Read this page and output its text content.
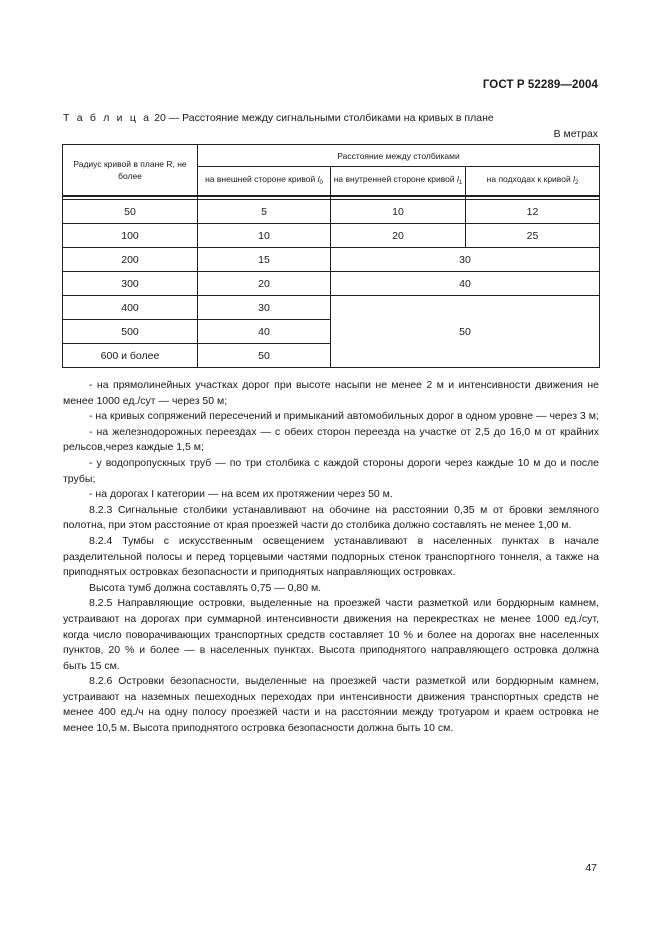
ГОСТ Р 52289—2004
Т а б л и ц а 20 — Расстояние между сигнальными столбиками на кривых в плане
В метрах
Радиус кривой в плане R, не более	Расстояние между столбиками		
	на внешней стороне кривой $l_0$	на внутренней стороне кривой $l_1$	на подходах к кривой $l_2$

50	5	10	12
100	10	20	25
200	15	30	
300	20	40	
400	30	50	
500	40		
600 и более	50		

- на прямолинейных участках дорог при высоте насыпи не менее 2 м и интенсивности движения не менее 1000 ед./сут — через 50 м;

- на кривых сопряжений пересечений и примыканий автомобильных дорог в одном уровне — через 3 м;

- на железнодорожных переездах — с обеих сторон переезда на участке от 2,5 до 16,0 м от крайних рельсов,через каждые 1,5 м;

- у водопропускных труб — по три столбика с каждой стороны дороги через каждые 10 м до и после трубы;

- на дорогах I категории — на всем их протяжении через 50 м.

8.2.3 Сигнальные столбики устанавливают на обочине на расстоянии 0,35 м от бровки земляного полотна, при этом расстояние от края проезжей части до столбика должно составлять не менее 1,00 м.

8.2.4 Тумбы с искусственным освещением устанавливают в населенных пунктах в начале разделительной полосы и перед торцевыми частями подпорных стенок транспортного тоннеля, а также на приподнятых островках безопасности и приподнятых направляющих островках.

Высота тумб должна составлять 0,75 — 0,80 м.

8.2.5 Направляющие островки, выделенные на проезжей части разметкой или бордюрным камнем, устраивают на дорогах при суммарной интенсивности движения на перекрестках не менее 1000 ед./сут, когда число поворачивающих транспортных средств составляет 10 % и более на дорогах вне населенных пунктов, 20 % и более — в населенных пунктах. Высота приподнятого направляющего островка должна быть 15 см.

8.2.6 Островки безопасности, выделенные на проезжей части разметкой или бордюрным камнем, устраивают на наземных пешеходных переходах при интенсивности движения транспортных средств не менее 400 ед./ч на одну полосу проезжей части и на расстоянии между тротуаром и краем островка не менее 10,5 м. Высота приподнятого островка безопасности должна быть 10 см.

47
